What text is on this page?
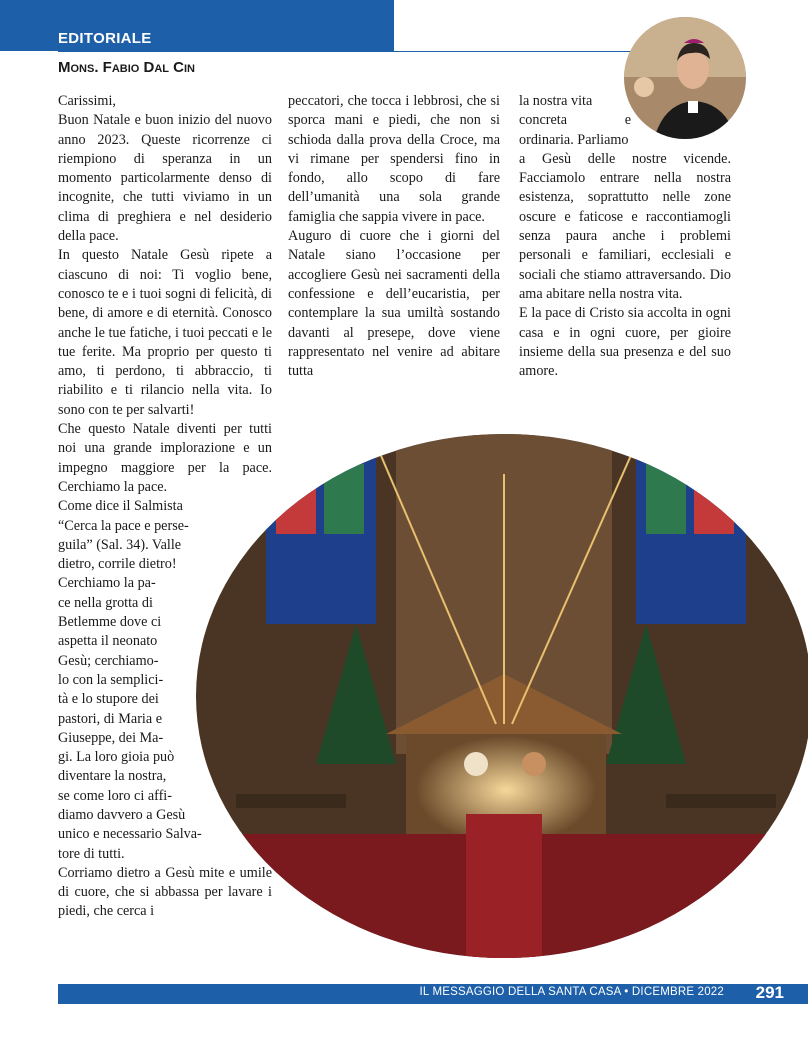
EDITORIALE
Mons. Fabio Dal Cin

Carissimi,

Buon Natale e buon inizio del nuovo anno 2023. Queste ricorrenze ci riempiono di speranza in un momento particolarmente denso di incognite, che tutti viviamo in un clima di preghiera e nel desiderio della pace.

In questo Natale Gesù ripete a ciascuno di noi: Ti voglio bene, conosco te e i tuoi sogni di felicità, di bene, di amore e di eternità. Conosco anche le tue fatiche, i tuoi peccati e le tue ferite. Ma proprio per questo ti amo, ti perdono, ti abbraccio, ti riabilito e ti rilancio nella vita. Io sono con te per salvarti!

Che questo Natale diventi per tutti noi una grande implorazione e un impegno maggiore per la pace. Cerchiamo la pace.

Come dice il Salmista

“Cerca la pace e perse-

guila” (Sal. 34). Valle

dietro, corrile dietro!

Cerchiamo la pa-

ce nella grotta di

Betlemme dove ci

aspetta il neonato

Gesù; cerchiamo-

lo con la semplici-

tà e lo stupore dei

pastori, di Maria e

Giuseppe, dei Ma-

gi. La loro gioia può

diventare la nostra,

se come loro ci affi-

diamo davvero a Gesù

unico e necessario Salva-

tore di tutti.

Corriamo dietro a Gesù mite e umile di cuore, che si abbassa per lavare i piedi, che cerca i

peccatori, che tocca i lebbrosi, che si sporca mani e piedi, che non si schioda dalla prova della Croce, ma vi rimane per spendersi fino in fondo, allo scopo di fare dell’umanità una sola grande famiglia che sappia vivere in pace.

Auguro di cuore che i giorni del Natale siano l’occasione per accogliere Gesù nei sacramenti della confessione e dell’eucaristia, per contemplare la sua umiltà sostando davanti al presepe, dove viene rappresentato nel venire ad abitare tutta

la nostra vita

concreta e ordinaria. Parliamo

a Gesù delle nostre vicende. Facciamolo entrare nella nostra esistenza, soprattutto nelle zone oscure e faticose e raccontiamogli senza paura anche i problemi personali e familiari, ecclesiali e sociali che stiamo attraversando. Dio ama abitare nella nostra vita.

E la pace di Cristo sia accolta in ogni casa e in ogni cuore, per gioire insieme della sua presenza e del suo amore.

IL MESSAGGIO DELLA SANTA CASA • DICEMBRE 2022 291
